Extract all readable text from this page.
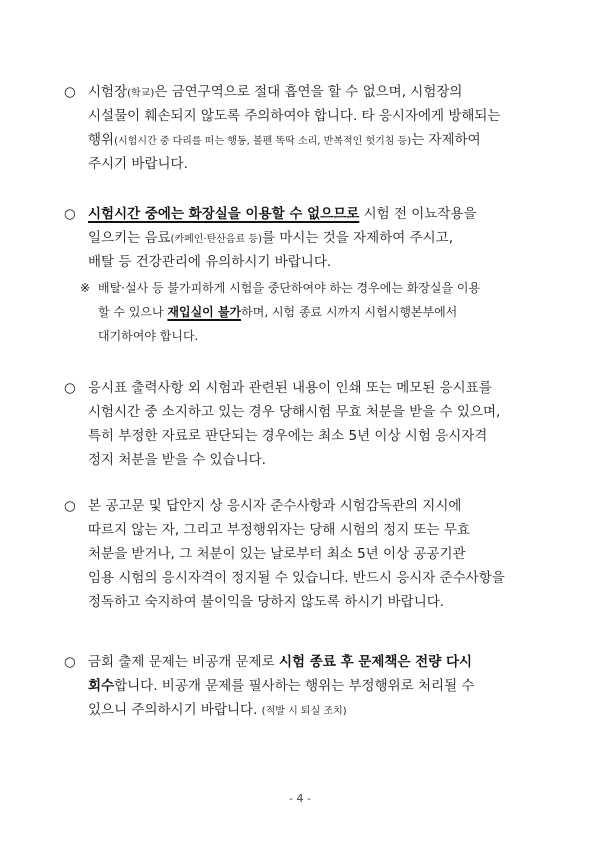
○ 시험장(학교)은 금연구역으로 절대 흡연을 할 수 없으며, 시험장의
시설물이 훼손되지 않도록 주의하여야 합니다. 타 응시자에게 방해되는
행위(시험시간 중 다리를 떠는 행동, 볼펜 똑딱 소리, 반복적인 헛기침 등)는 자제하여
주시기 바랍니다.
○ 시험시간 중에는 화장실을 이용할 수 없으므로 시험 전 이뇨작용을
일으키는 음료(카페인·탄산음료 등)를 마시는 것을 자제하여 주시고,
배탈 등 건강관리에 유의하시기 바랍니다.
※ 배탈·설사 등 불가피하게 시험을 중단하여야 하는 경우에는 화장실을 이용
할 수 있으나 재입실이 불가하며, 시험 종료 시까지 시험시행본부에서
대기하여야 합니다.
○ 응시표 출력사항 외 시험과 관련된 내용이 인쇄 또는 메모된 응시표를
시험시간 중 소지하고 있는 경우 당해시험 무효 처분을 받을 수 있으며,
특히 부정한 자료로 판단되는 경우에는 최소 5년 이상 시험 응시자격
정지 처분을 받을 수 있습니다.
○ 본 공고문 및 답안지 상 응시자 준수사항과 시험감독관의 지시에
따르지 않는 자, 그리고 부정행위자는 당해 시험의 정지 또는 무효
처분을 받거나, 그 처분이 있는 날로부터 최소 5년 이상 공공기관
임용 시험의 응시자격이 정지될 수 있습니다. 반드시 응시자 준수사항을
정독하고 숙지하여 불이익을 당하지 않도록 하시기 바랍니다.
○ 금회 출제 문제는 비공개 문제로 시험 종료 후 문제책은 전량 다시
회수합니다. 비공개 문제를 필사하는 행위는 부정행위로 처리될 수
있으니 주의하시기 바랍니다. (적발 시 퇴실 조치)
- 4 -
